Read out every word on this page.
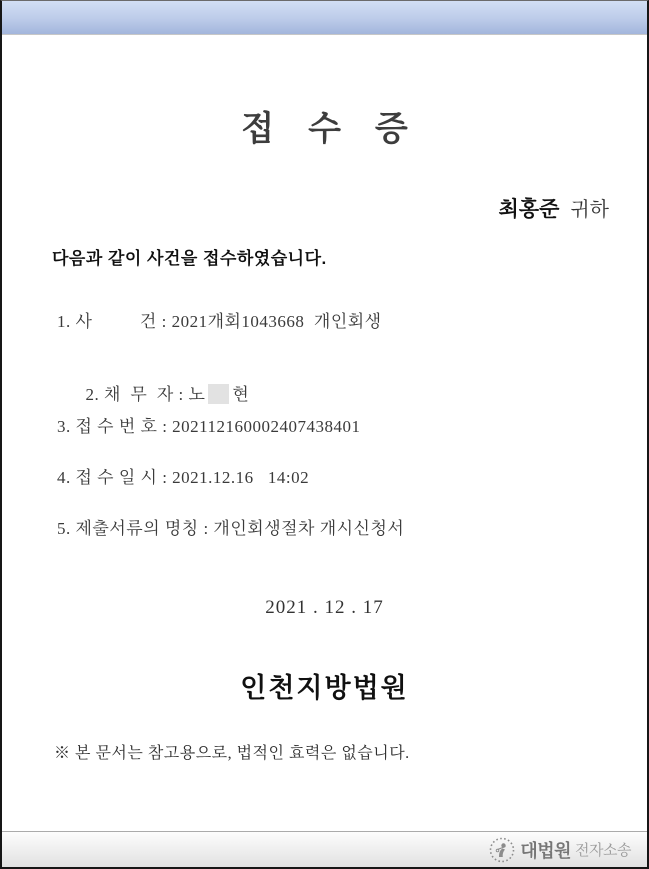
접    수    증
최홍준 귀하

다음과 같이 사건을 접수하였습니다.

1. 사          건 : 2021개회1043668  개인회생

2. 채  무  자 : 노 현

3. 접 수 번 호 : 202112160002407438401
4. 접 수 일 시 : 2021.12.16   14:02
5. 제출서류의 명칭 : 개인회생절차 개시신청서
2021 . 12 . 17
인천지방법원
※ 본 문서는 참고용으로, 법적인 효력은 없습니다.
대법원 전자소송
